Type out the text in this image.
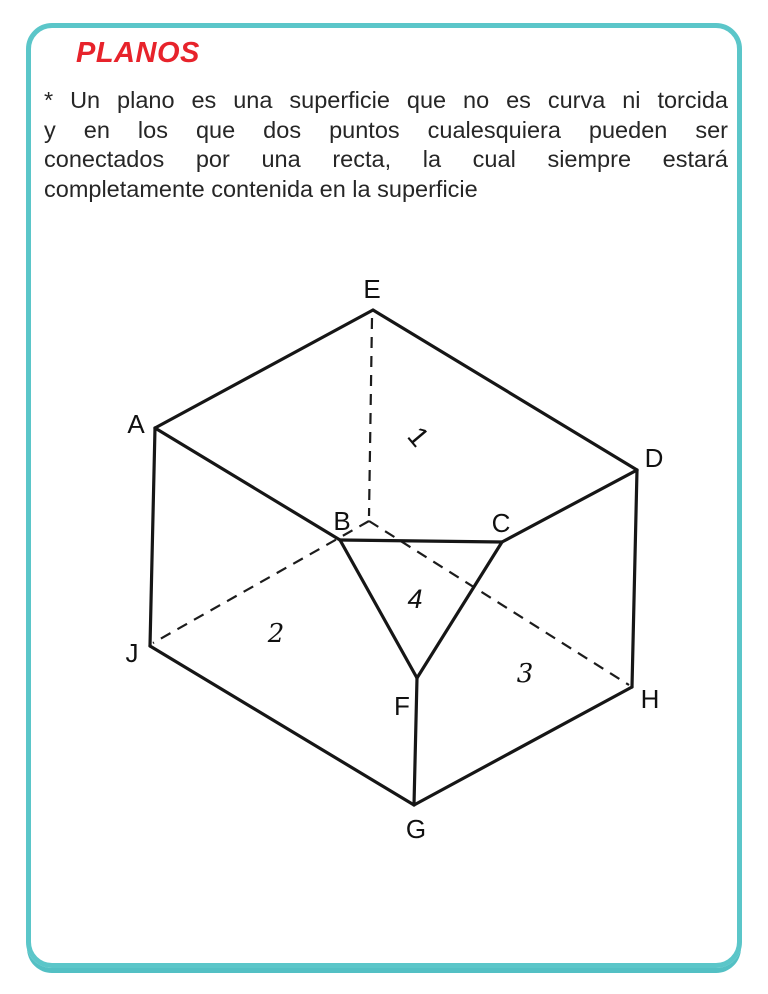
PLANOS
* Un plano es una superficie que no es curva ni torcida
y en los que dos puntos cualesquiera pueden ser
conectados por una recta, la cual siempre estará
completamente contenida en la superficie
A
B	C
D
E
F
G
H
J
1
2
3
4
